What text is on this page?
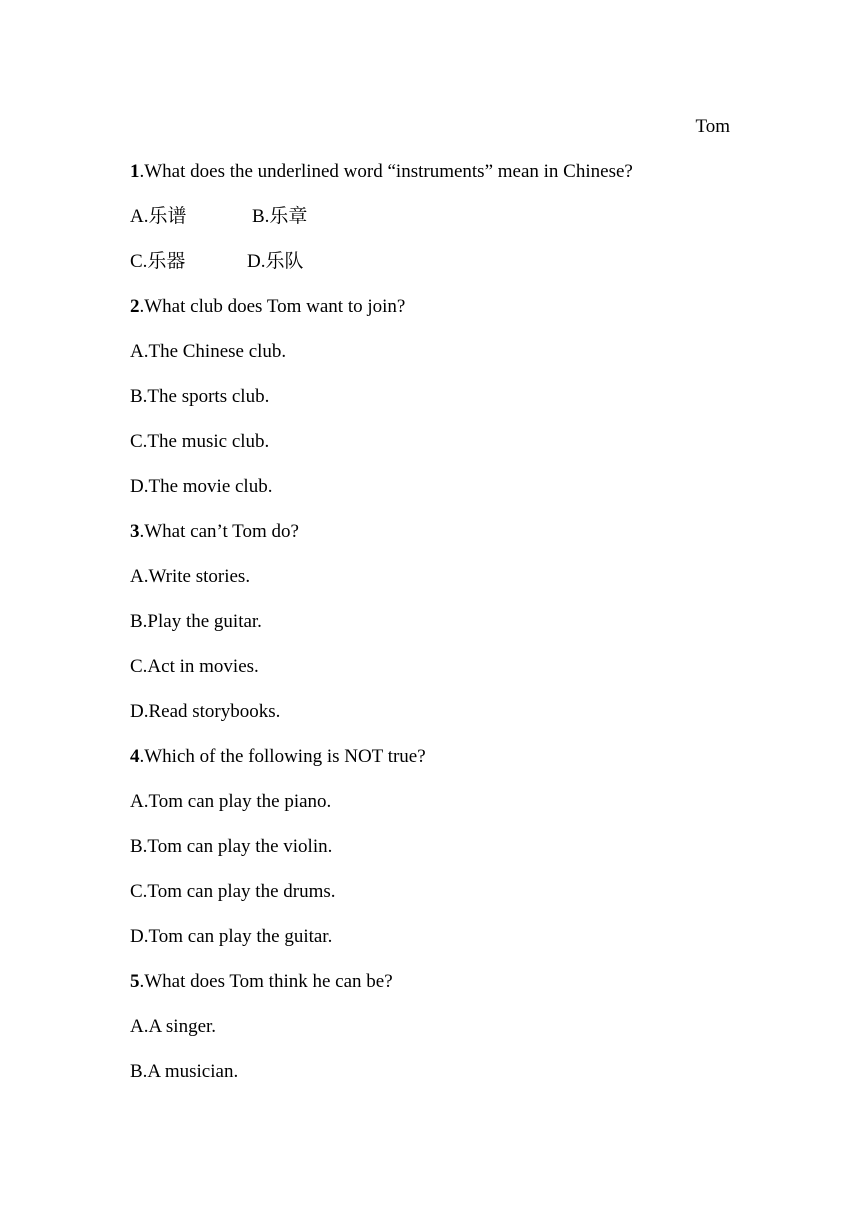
Tom
1.What does the underlined word “instruments” mean in Chinese?
A.乐谱	B.乐章
C.乐器	D.乐队
2.What club does Tom want to join?
A.The Chinese club.
B.The sports club.
C.The music club.
D.The movie club.
3.What can’t Tom do?
A.Write stories.
B.Play the guitar.
C.Act in movies.
D.Read storybooks.
4.Which of the following is NOT true?
A.Tom can play the piano.
B.Tom can play the violin.
C.Tom can play the drums.
D.Tom can play the guitar.
5.What does Tom think he can be?
A.A singer.
B.A musician.
